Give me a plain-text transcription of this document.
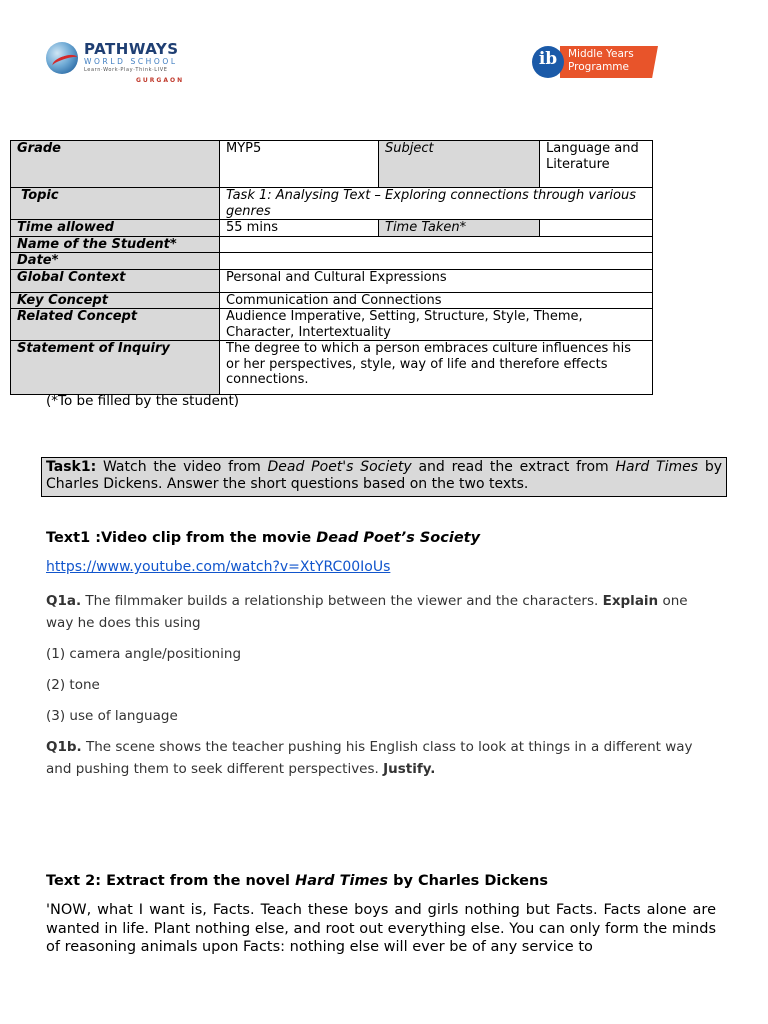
PATHWAYS
WORLD SCHOOL
Learn·Work·Play·Think·LIVE
GURGAON
ib	Middle Years
Programme
Grade	MYP5	Subject	Language and Literature
Topic	Task 1: Analysing Text – Exploring connections through various genres		
Time allowed	55 mins	Time Taken*	
Name of the Student*			
Date*			
Global Context	Personal and Cultural Expressions		
Key Concept	Communication and Connections		
Related Concept	Audience Imperative, Setting, Structure, Style, Theme, Character, Intertextuality		
Statement of Inquiry	The degree to which a person embraces culture influences his or her perspectives, style, way of life and therefore effects connections.		
(*To be filled by the student)
Task1: Watch the video from Dead Poet's Society and read the extract from Hard Times by Charles Dickens. Answer the short questions based on the two texts.
Text1 :Video clip from the movie Dead Poet’s Society
https://www.youtube.com/watch?v=XtYRC00IoUs
Q1a. The filmmaker builds a relationship between the viewer and the characters. Explain one way he does this using
(1) camera angle/positioning
(2) tone
(3) use of language
Q1b. The scene shows the teacher pushing his English class to look at things in a different way and pushing them to seek different perspectives. Justify.
Text 2: Extract from the novel Hard Times by Charles Dickens
'NOW, what I want is, Facts. Teach these boys and girls nothing but Facts. Facts alone are wanted in life. Plant nothing else, and root out everything else. You can only form the minds of reasoning animals upon Facts: nothing else will ever be of any service to
